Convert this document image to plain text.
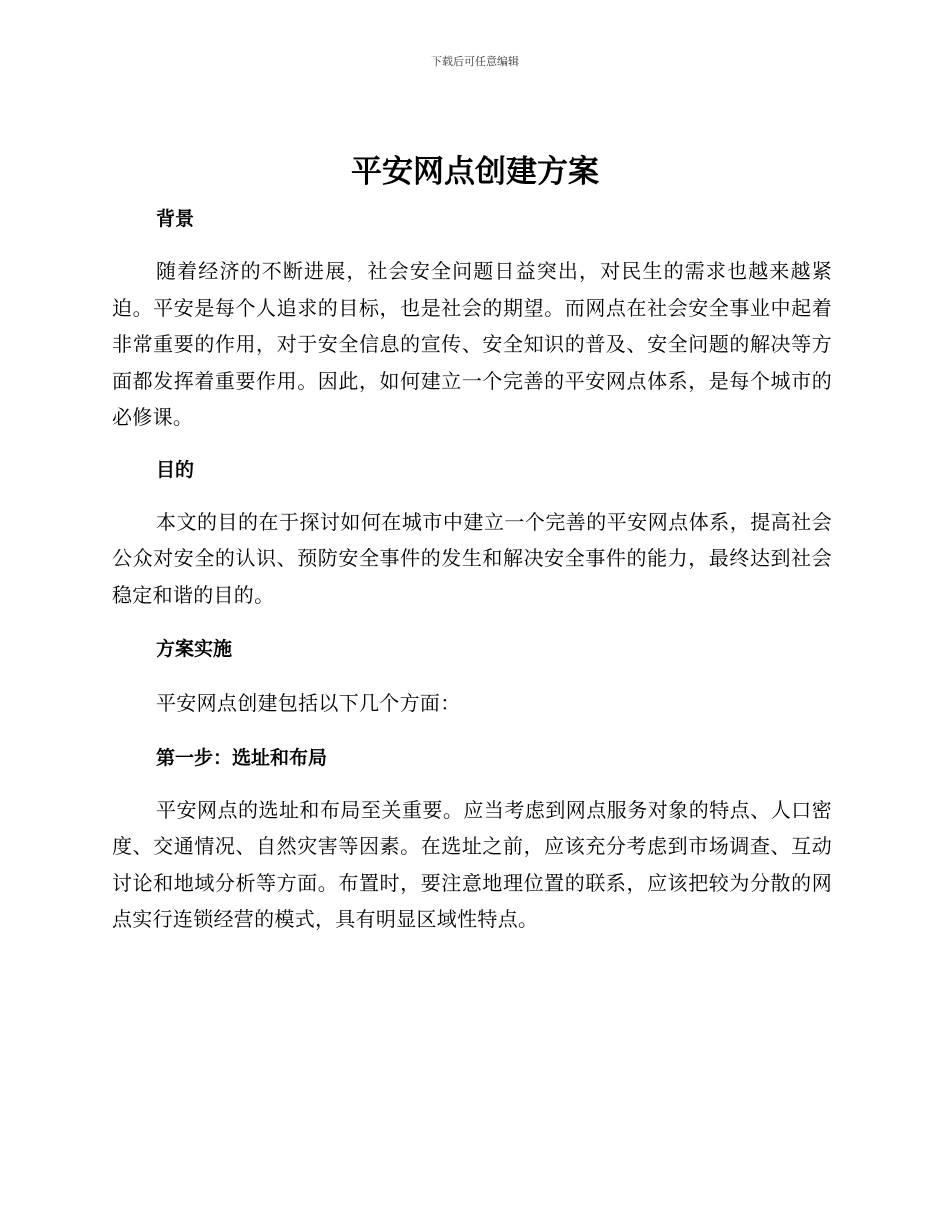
下载后可任意编辑
平安网点创建方案
背景

随着经济的不断进展，社会安全问题日益突出，对民生的需求也越来越紧迫。平安是每个人追求的目标，也是社会的期望。而网点在社会安全事业中起着非常重要的作用，对于安全信息的宣传、安全知识的普及、安全问题的解决等方面都发挥着重要作用。因此，如何建立一个完善的平安网点体系，是每个城市的必修课。

目的

本文的目的在于探讨如何在城市中建立一个完善的平安网点体系，提高社会公众对安全的认识、预防安全事件的发生和解决安全事件的能力，最终达到社会稳定和谐的目的。

方案实施

平安网点创建包括以下几个方面：

第一步：选址和布局

平安网点的选址和布局至关重要。应当考虑到网点服务对象的特点、人口密度、交通情况、自然灾害等因素。在选址之前，应该充分考虑到市场调查、互动讨论和地域分析等方面。布置时，要注意地理位置的联系，应该把较为分散的网点实行连锁经营的模式，具有明显区域性特点。
